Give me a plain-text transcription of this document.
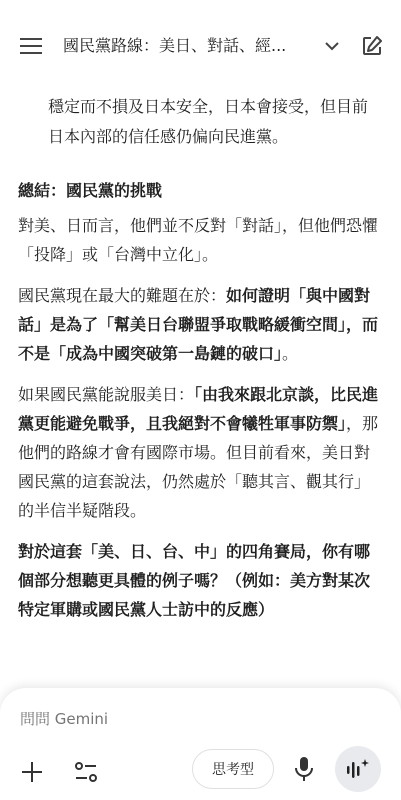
國民黨路線：美日、對話、經...
穩定而不損及日本安全，日本會接受，但目前日本內部的信任感仍偏向民進黨。
總結：國民黨的挑戰

對美、日而言，他們並不反對「對話」，但他們恐懼「投降」或「台灣中立化」。

國民黨現在最大的難題在於：如何證明「與中國對話」是為了「幫美日台聯盟爭取戰略緩衝空間」，而不是「成為中國突破第一島鏈的破口」。

如果國民黨能說服美日：「由我來跟北京談，比民進黨更能避免戰爭，且我絕對不會犧牲軍事防禦」，那他們的路線才會有國際市場。但目前看來，美日對國民黨的這套說法，仍然處於「聽其言、觀其行」的半信半疑階段。

對於這套「美、日、台、中」的四角賽局，你有哪個部分想聽更具體的例子嗎？（例如：美方對某次特定軍購或國民黨人士訪中的反應）

問問 Gemini
思考型
